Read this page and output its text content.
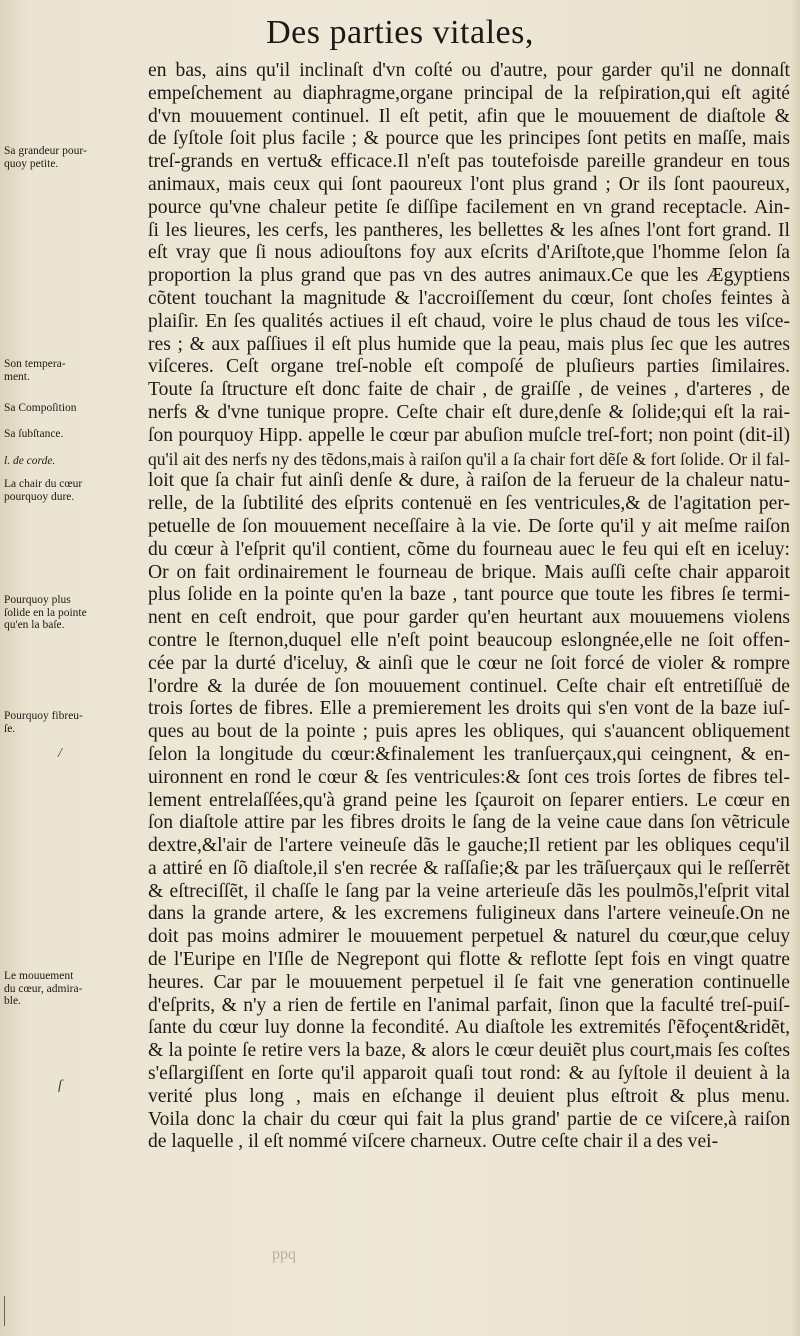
Des parties vitales,
Sa grandeur pour-
quoy petite.
Son tempera-
ment.
Sa Compoſition
Sa ſubſtance.
l. de corde.
La chair du cœur
pourquoy dure.
Pourquoy plus
ſolide en la pointe
qu'en la baſe.
Pourquoy fibreu-
ſe.
Le mouuement
du cœur, admira-
ble.
/
ſ
en bas, ains qu'il inclinaſt d'vn coſté ou d'autre, pour garder qu'il ne donnaſt
empeſchement au diaphragme,organe principal de la reſpiration,qui eſt agité
d'vn mouuement continuel. Il eſt petit, afin que le mouuement de diaſtole &
de ſyſtole ſoit plus facile ; & pource que les principes ſont petits en maſſe, mais
treſ-grands en vertu& efficace.Il n'eſt pas toutefoisde pareille grandeur en tous
animaux, mais ceux qui ſont paoureux l'ont plus grand ; Or ils ſont paoureux,
pource qu'vne chaleur petite ſe diſſipe facilement en vn grand receptacle. Ain-
ſi les lieures, les cerfs, les pantheres, les bellettes & les aſnes l'ont fort grand. Il
eſt vray que ſi nous adiouſtons foy aux eſcrits d'Ariſtote,que l'homme ſelon ſa
proportion la plus grand que pas vn des autres animaux.Ce que les Ægyptiens
cõtent touchant la magnitude & l'accroiſſement du cœur, ſont choſes feintes à
plaiſir. En ſes qualités actiues il eſt chaud, voire le plus chaud de tous les viſce-
res ; & aux paſſiues il eſt plus humide que la peau, mais plus ſec que les autres
viſceres. Ceſt organe treſ-noble eſt compoſé de pluſieurs parties ſimilaires.
Toute ſa ſtructure eſt donc faite de chair , de graiſſe , de veines , d'arteres , de
nerfs & d'vne tunique propre. Ceſte chair eſt dure,denſe & ſolide;qui eſt la rai-
ſon pourquoy Hipp. appelle le cœur par abuſion muſcle treſ-fort; non point (dit-il)
qu'il ait des nerfs ny des tẽdons,mais à raiſon qu'il a ſa chair fort dẽſe & fort ſolide. Or il fal-
loit que ſa chair fut ainſi denſe & dure, à raiſon de la ferueur de la chaleur natu-
relle, de la ſubtilité des eſprits contenuë en ſes ventricules,& de l'agitation per-
petuelle de ſon mouuement neceſſaire à la vie. De ſorte qu'il y ait meſme raiſon
du cœur à l'eſprit qu'il contient, cõme du fourneau auec le feu qui eſt en iceluy:
Or on fait ordinairement le fourneau de brique. Mais auſſi ceſte chair apparoit
plus ſolide en la pointe qu'en la baze , tant pource que toute les fibres ſe termi-
nent en ceſt endroit, que pour garder qu'en heurtant aux mouuemens violens
contre le ſternon,duquel elle n'eſt point beaucoup eslongnée,elle ne ſoit offen-
cée par la durté d'iceluy, & ainſi que le cœur ne ſoit forcé de violer & rompre
l'ordre & la durée de ſon mouuement continuel. Ceſte chair eſt entretiſſuë de
trois ſortes de fibres. Elle a premierement les droits qui s'en vont de la baze iuſ-
ques au bout de la pointe ; puis apres les obliques, qui s'auancent obliquement
ſelon la longitude du cœur:&finalement les tranſuerçaux,qui ceingnent, & en-
uironnent en rond le cœur & ſes ventricules:& ſont ces trois ſortes de fibres tel-
lement entrelaſſées,qu'à grand peine les ſçauroit on ſeparer entiers. Le cœur en
ſon diaſtole attire par les fibres droits le ſang de la veine caue dans ſon vẽtricule
dextre,&l'air de l'artere veineuſe dãs le gauche;Il retient par les obliques cequ'il
a attiré en ſõ diaſtole,il s'en recrée & raſſaſie;& par les trãſuerçaux qui le reſſerrẽt
& eſtreciſſẽt, il chaſſe le ſang par la veine arterieuſe dãs les poulmõs,l'eſprit vital
dans la grande artere, & les excremens fuligineux dans l'artere veineuſe.On ne
doit pas moins admirer le mouuement perpetuel & naturel du cœur,que celuy
de l'Euripe en l'Iſle de Negrepont qui flotte & reflotte ſept fois en vingt quatre
heures. Car par le mouuement perpetuel il ſe fait vne generation continuelle
d'eſprits, & n'y a rien de fertile en l'animal parfait, ſinon que la faculté treſ-puiſ-
ſante du cœur luy donne la fecondité. Au diaſtole les extremités ſ'ẽfoçent&ridẽt,
& la pointe ſe retire vers la baze, & alors le cœur deuiẽt plus court,mais ſes coſtes
s'eſlargiſſent en ſorte qu'il apparoit quaſi tout rond: & au ſyſtole il deuient à la
verité plus long , mais en eſchange il deuient plus eſtroit & plus menu.
Voila donc la chair du cœur qui fait la plus grand' partie de ce viſcere,à raiſon
de laquelle , il eſt nommé viſcere charneux. Outre ceſte chair il a des vei-
ppq
